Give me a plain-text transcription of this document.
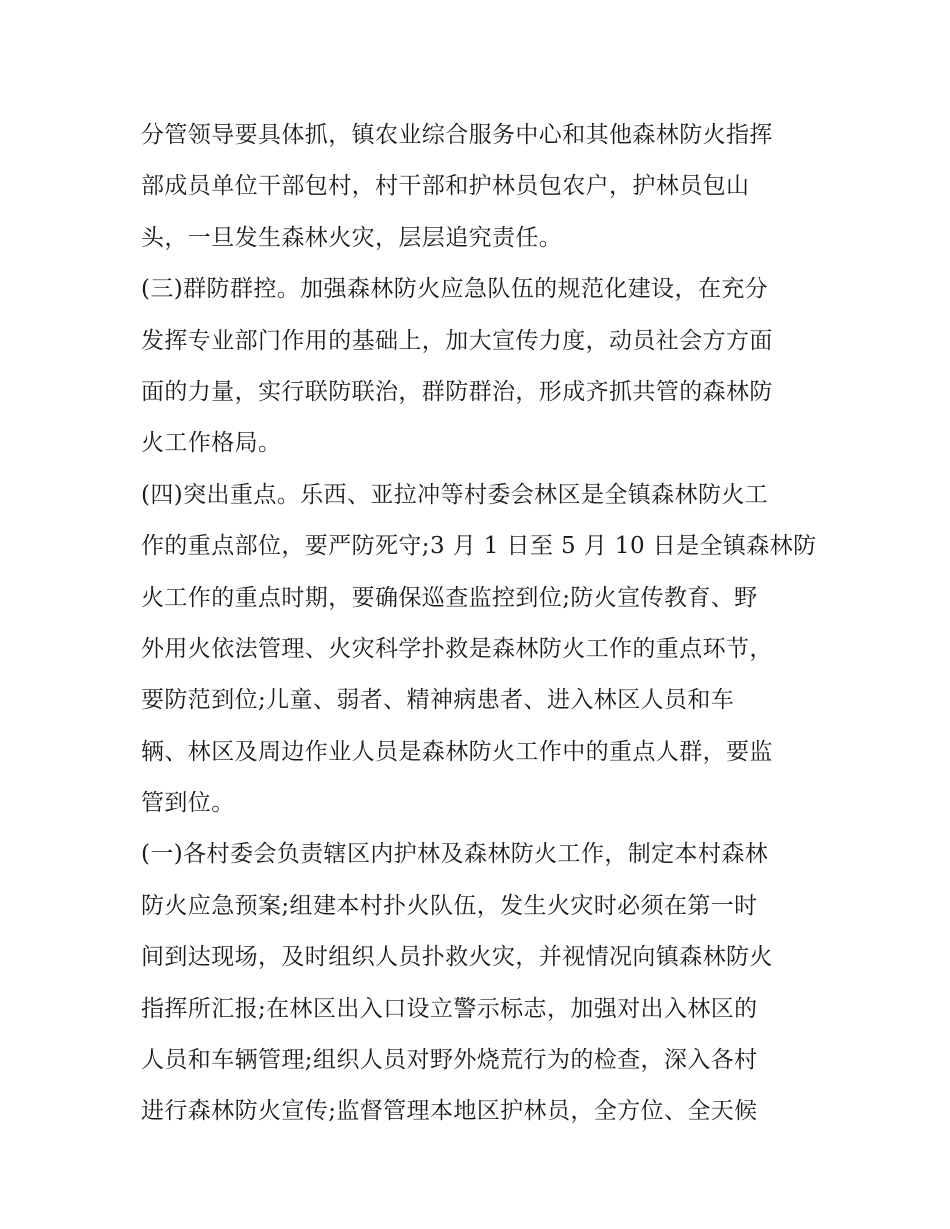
分管领导要具体抓，镇农业综合服务中心和其他森林防火指挥
部成员单位干部包村，村干部和护林员包农户，护林员包山
头，一旦发生森林火灾，层层追究责任。
(三)群防群控。加强森林防火应急队伍的规范化建设，在充分
发挥专业部门作用的基础上，加大宣传力度，动员社会方方面
面的力量，实行联防联治，群防群治，形成齐抓共管的森林防
火工作格局。
(四)突出重点。乐西、亚拉冲等村委会林区是全镇森林防火工
作的重点部位，要严防死守;3 月 1 日至 5 月 10 日是全镇森林防
火工作的重点时期，要确保巡查监控到位;防火宣传教育、野
外用火依法管理、火灾科学扑救是森林防火工作的重点环节，
要防范到位;儿童、弱者、精神病患者、进入林区人员和车
辆、林区及周边作业人员是森林防火工作中的重点人群，要监
管到位。
(一)各村委会负责辖区内护林及森林防火工作，制定本村森林
防火应急预案;组建本村扑火队伍，发生火灾时必须在第一时
间到达现场，及时组织人员扑救火灾，并视情况向镇森林防火
指挥所汇报;在林区出入口设立警示标志，加强对出入林区的
人员和车辆管理;组织人员对野外烧荒行为的检查，深入各村
进行森林防火宣传;监督管理本地区护林员，全方位、全天候
